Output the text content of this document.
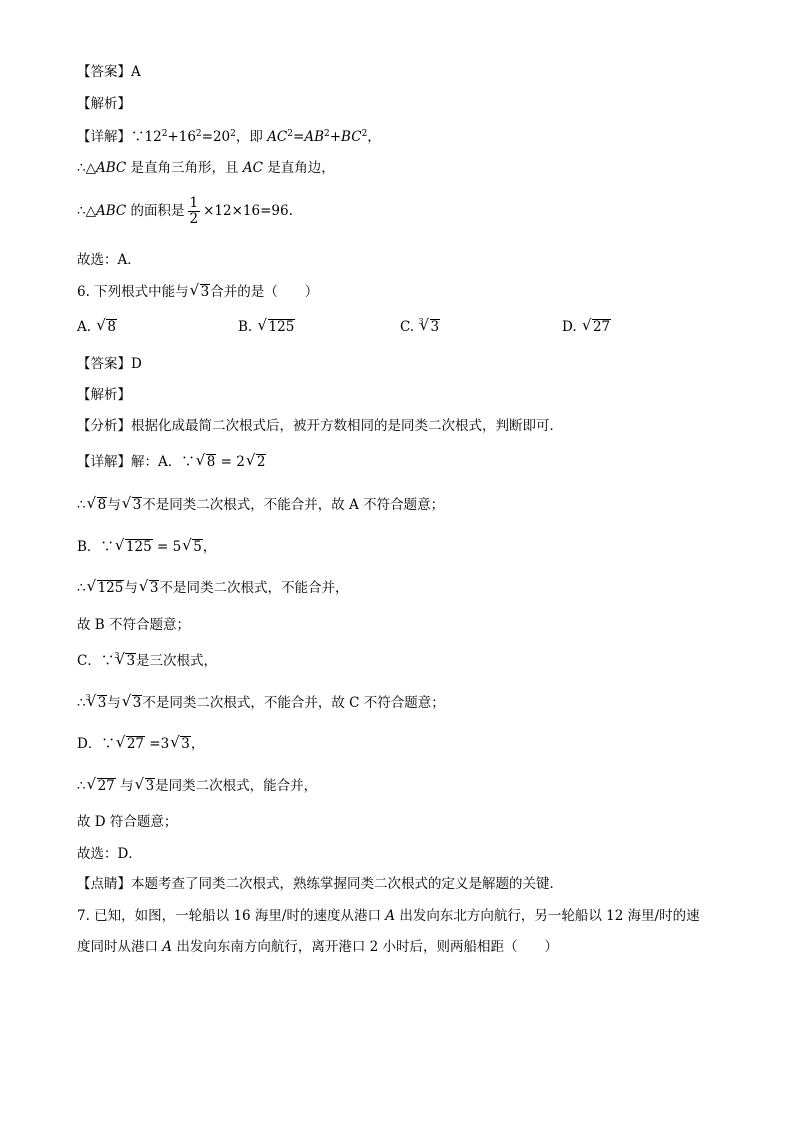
【答案】A
【解析】
【详解】$\because 12^2+16^2=20^2$，即 $AC^2=AB^2+BC^2$，
∴△ABC 是直角三角形，且 AC 是直角边，
∴△ABC 的面积是 $\frac{1}{2} \times 12\times 16=96$.
故选：A．
6. 下列根式中能与 √ 3合并的是（　　）
A. √ 8	B. √ 125	C. $^3$ √ 3	D. √ 27
【答案】D
【解析】
【分析】根据化成最简二次根式后，被开方数相同的是同类二次根式，判断即可．
【详解】解：A．∵ √ 8 = 2 √ 2
∴ √ 8与 √ 3不是同类二次根式，不能合并，故 A 不符合题意；
B．∵ √ 125 = 5 √ 5，
∴ √ 125与 √ 3不是同类二次根式，不能合并，
故 B 不符合题意；
C．∵$^3$ √ 3是三次根式，
∴$^3$ √ 3与 √ 3不是同类二次根式，不能合并，故 C 不符合题意；
D．∵ √ 27 =3 √ 3，
∴ √ 27 与 √ 3是同类二次根式，能合并，
故 D 符合题意；
故选：D．
【点睛】本题考查了同类二次根式，熟练掌握同类二次根式的定义是解题的关键．
7. 已知，如图，一轮船以 16 海里/时的速度从港口 A 出发向东北方向航行，另一轮船以 12 海里/时的速
度同时从港口 A 出发向东南方向航行，离开港口 2 小时后，则两船相距（　　）
